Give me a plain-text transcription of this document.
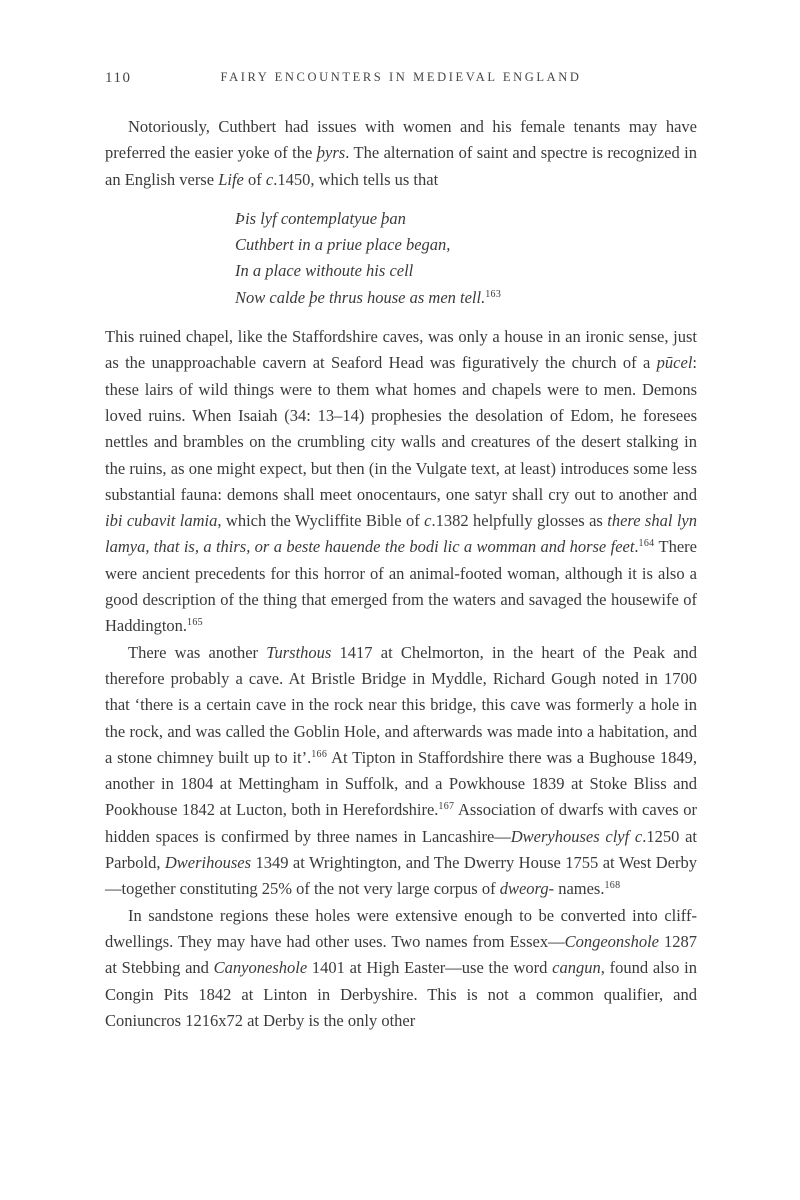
110	FAIRY ENCOUNTERS IN MEDIEVAL ENGLAND

Notoriously, Cuthbert had issues with women and his female tenants may have preferred the easier yoke of the þyrs. The alternation of saint and spectre is recognized in an English verse Life of c.1450, which tells us that

Þis lyf contemplatyue þan
Cuthbert in a priue place began,
In a place withoute his cell
Now calde þe thrus house as men tell.$^{163}$

This ruined chapel, like the Staffordshire caves, was only a house in an ironic sense, just as the unapproachable cavern at Seaford Head was figuratively the church of a pūcel: these lairs of wild things were to them what homes and chapels were to men. Demons loved ruins. When Isaiah (34: 13–14) prophesies the desolation of Edom, he foresees nettles and brambles on the crumbling city walls and creatures of the desert stalking in the ruins, as one might expect, but then (in the Vulgate text, at least) introduces some less substantial fauna: demons shall meet onocentaurs, one satyr shall cry out to another and ibi cubavit lamia, which the Wycliffite Bible of c.1382 helpfully glosses as there shal lyn lamya, that is, a thirs, or a beste hauende the bodi lic a womman and horse feet.$^{164}$ There were ancient precedents for this horror of an animal-footed woman, although it is also a good description of the thing that emerged from the waters and savaged the housewife of Haddington.$^{165}$

There was another Tursthous 1417 at Chelmorton, in the heart of the Peak and therefore probably a cave. At Bristle Bridge in Myddle, Richard Gough noted in 1700 that ‘there is a certain cave in the rock near this bridge, this cave was formerly a hole in the rock, and was called the Goblin Hole, and afterwards was made into a habitation, and a stone chimney built up to it’.$^{166}$ At Tipton in Staffordshire there was a Bughouse 1849, another in 1804 at Mettingham in Suffolk, and a Powkhouse 1839 at Stoke Bliss and Pookhouse 1842 at Lucton, both in Herefordshire.$^{167}$ Association of dwarfs with caves or hidden spaces is confirmed by three names in Lancashire—Dweryhouses clyf c.1250 at Parbold, Dwerihouses 1349 at Wrightington, and The Dwerry House 1755 at West Derby—together constituting 25% of the not very large corpus of dweorg- names.$^{168}$

In sandstone regions these holes were extensive enough to be converted into cliff-dwellings. They may have had other uses. Two names from Essex—Congeonshole 1287 at Stebbing and Canyoneshole 1401 at High Easter—use the word cangun, found also in Congin Pits 1842 at Linton in Derbyshire. This is not a common qualifier, and Coniuncros 1216x72 at Derby is the only other
